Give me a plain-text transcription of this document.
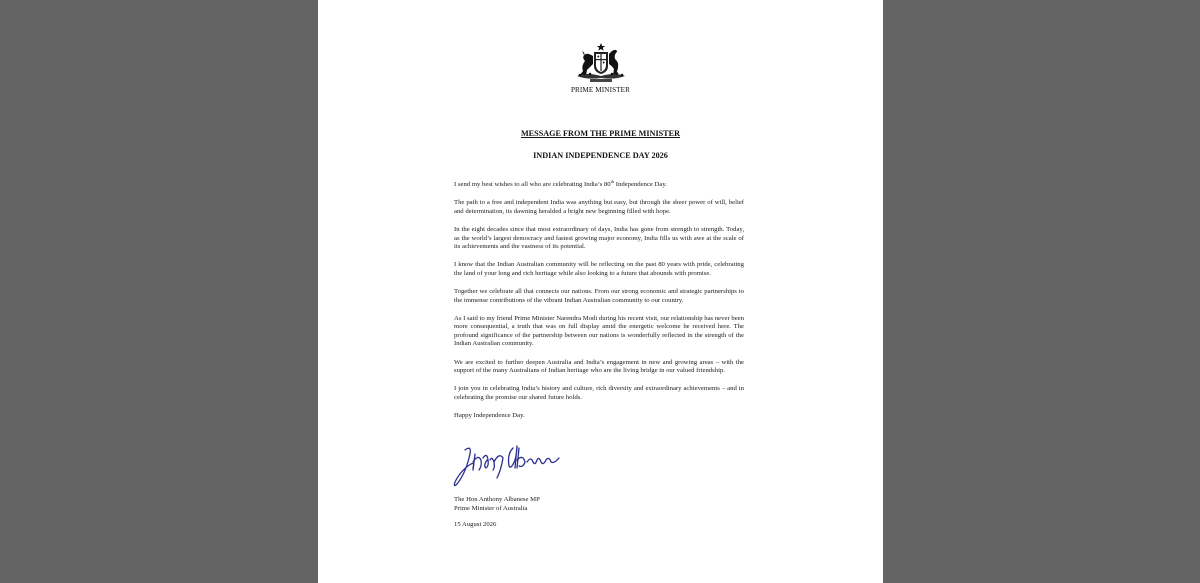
PRIME MINISTER
MESSAGE FROM THE PRIME MINISTER
INDIAN INDEPENDENCE DAY 2026

I send my best wishes to all who are celebrating India’s 80th Independence Day.

The path to a free and independent India was anything but easy, but through the sheer power of will, belief and determination, its dawning heralded a bright new beginning filled with hope.

In the eight decades since that most extraordinary of days, India has gone from strength to strength. Today, as the world’s largest democracy and fastest growing major economy, India fills us with awe at the scale of its achievements and the vastness of its potential.

I know that the Indian Australian community will be reflecting on the past 80 years with pride, celebrating the land of your long and rich heritage while also looking to a future that abounds with promise.

Together we celebrate all that connects our nations. From our strong economic and strategic partnerships to the immense contributions of the vibrant Indian Australian community to our country.

As I said to my friend Prime Minister Narendra Modi during his recent visit, our relationship has never been more consequential, a truth that was on full display amid the energetic welcome he received here. The profound significance of the partnership between our nations is wonderfully reflected in the strength of the Indian Australian community.

We are excited to further deepen Australia and India’s engagement in new and growing areas – with the support of the many Australians of Indian heritage who are the living bridge in our valued friendship.

I join you in celebrating India’s history and culture, rich diversity and extraordinary achievements – and in celebrating the promise our shared future holds.

Happy Independence Day.

The Hon Anthony Albanese MP
Prime Minister of Australia
15 August 2026
